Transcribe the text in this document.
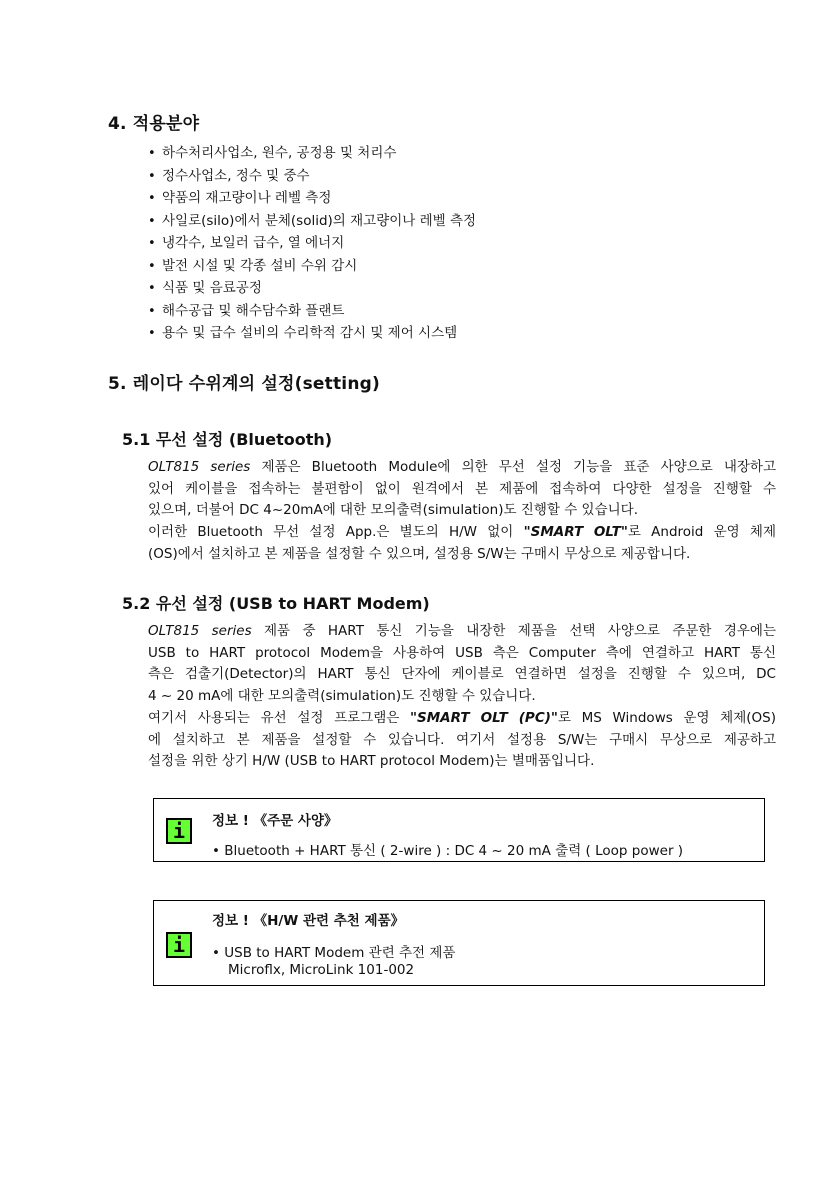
4. 적용분야
• 하수처리사업소, 원수, 공정용 및 처리수
• 정수사업소, 정수 및 중수
• 약품의 재고량이나 레벨 측정
• 사일로(silo)에서 분체(solid)의 재고량이나 레벨 측정
• 냉각수, 보일러 급수, 열 에너지
• 발전 시설 및 각종 설비 수위 감시
• 식품 및 음료공정
• 해수공급 및 해수담수화 플랜트
• 용수 및 급수 설비의 수리학적 감시 및 제어 시스템
5. 레이다 수위계의 설정(setting)
5.1 무선 설정 (Bluetooth)
OLT815 series 제품은 Bluetooth Module에 의한 무선 설정 기능을 표준 사양으로 내장하고
있어 케이블을 접속하는 불편함이 없이 원격에서 본 제품에 접속하여 다양한 설정을 진행할 수
있으며, 더불어 DC 4~20mA에 대한 모의출력(simulation)도 진행할 수 있습니다.
이러한 Bluetooth 무선 설정 App.은 별도의 H/W 없이 "SMART OLT"로 Android 운영 체제
(OS)에서 설치하고 본 제품을 설정할 수 있으며, 설정용 S/W는 구매시 무상으로 제공합니다.
5.2 유선 설정 (USB to HART Modem)
OLT815 series 제품 중 HART 통신 기능을 내장한 제품을 선택 사양으로 주문한 경우에는
USB to HART protocol Modem을 사용하여 USB 측은 Computer 측에 연결하고 HART 통신
측은 검출기(Detector)의 HART 통신 단자에 케이블로 연결하면 설정을 진행할 수 있으며, DC
4 ~ 20 mA에 대한 모의출력(simulation)도 진행할 수 있습니다.
여기서 사용되는 유선 설정 프로그램은 "SMART OLT (PC)"로 MS Windows 운영 체제(OS)
에 설치하고 본 제품을 설정할 수 있습니다. 여기서 설정용 S/W는 구매시 무상으로 제공하고
설정을 위한 상기 H/W (USB to HART protocol Modem)는 별매품입니다.
i	정보 ! 《주문 사양》
• Bluetooth + HART 통신 ( 2-wire ) : DC 4 ~ 20 mA 출력 ( Loop power )
i
정보 ! 《H/W 관련 추천 제품》
• USB to HART Modem 관련 추전 제품
Microflx, MicroLink 101-002
